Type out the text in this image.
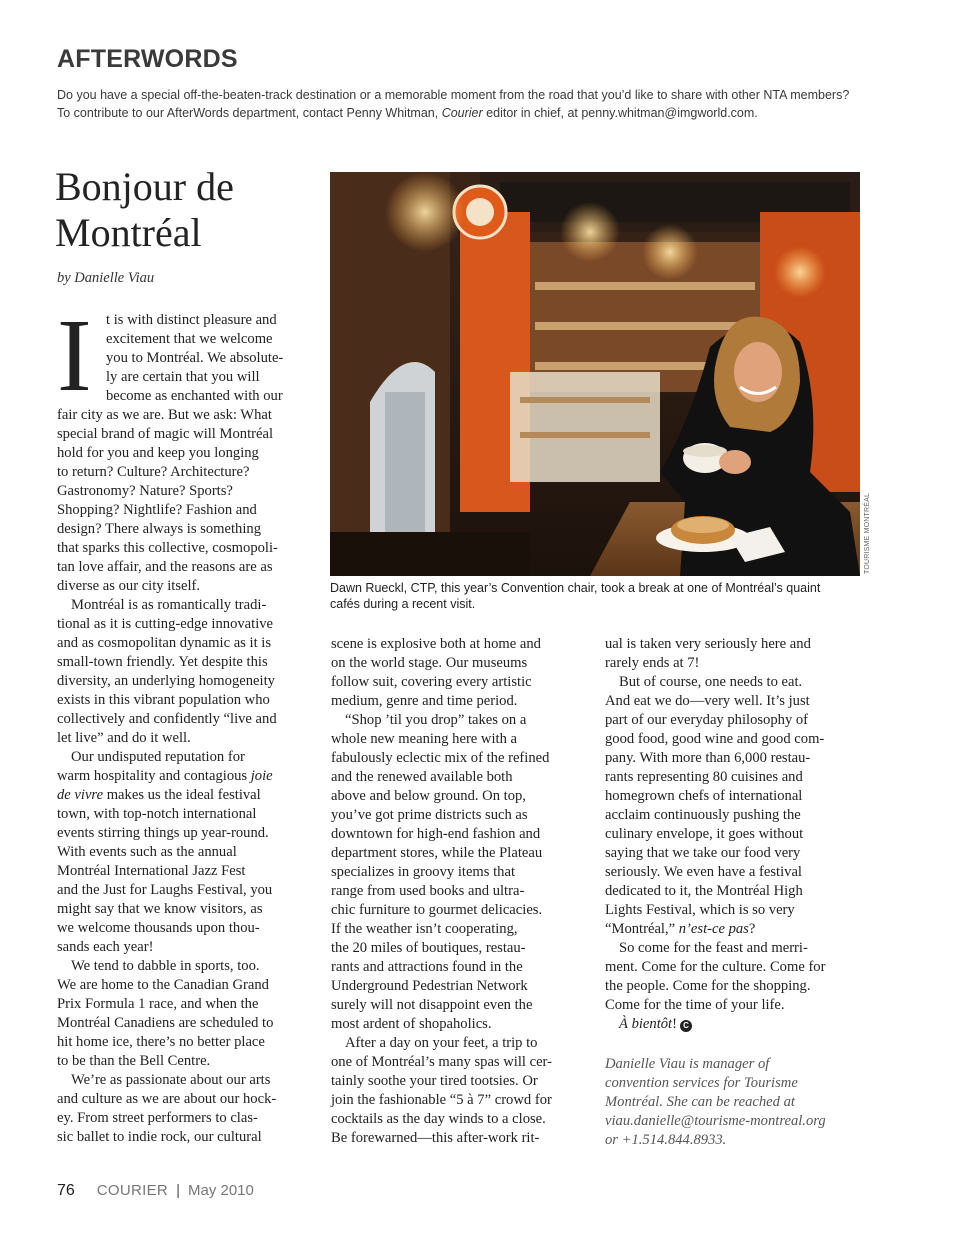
AFTERWORDS
Do you have a special off-the-beaten-track destination or a memorable moment from the road that you’d like to share with other NTA members?
To contribute to our AfterWords department, contact Penny Whitman, Courier editor in chief, at penny.whitman@imgworld.com.
Bonjour de
Montréal
by Danielle Viau
I t is with distinct pleasure and
excitement that we welcome
you to Montréal. We absolute-
ly are certain that you will
become as enchanted with our
fair city as we are. But we ask: What
special brand of magic will Montréal
hold for you and keep you longing
to return? Culture? Architecture?
Gastronomy? Nature? Sports?
Shopping? Nightlife? Fashion and
design? There always is something
that sparks this collective, cosmopoli-
tan love affair, and the reasons are as
diverse as our city itself.
Montréal is as romantically tradi-
tional as it is cutting-edge innovative
and as cosmopolitan dynamic as it is
small-town friendly. Yet despite this
diversity, an underlying homogeneity
exists in this vibrant population who
collectively and confidently “live and
let live” and do it well.
Our undisputed reputation for
warm hospitality and contagious joie
de vivre makes us the ideal festival
town, with top-notch international
events stirring things up year-round.
With events such as the annual
Montréal International Jazz Fest
and the Just for Laughs Festival, you
might say that we know visitors, as
we welcome thousands upon thou-
sands each year!
We tend to dabble in sports, too.
We are home to the Canadian Grand
Prix Formula 1 race, and when the
Montréal Canadiens are scheduled to
hit home ice, there’s no better place
to be than the Bell Centre.
We’re as passionate about our arts
and culture as we are about our hock-
ey. From street performers to clas-
sic ballet to indie rock, our cultural
TOURISME MONTRÉAL
Dawn Rueckl, CTP, this year’s Convention chair, took a break at one of Montréal’s quaint
cafés during a recent visit.
scene is explosive both at home and
on the world stage. Our museums
follow suit, covering every artistic
medium, genre and time period.
“Shop ’til you drop” takes on a
whole new meaning here with a
fabulously eclectic mix of the refined
and the renewed available both
above and below ground. On top,
you’ve got prime districts such as
downtown for high-end fashion and
department stores, while the Plateau
specializes in groovy items that
range from used books and ultra-
chic furniture to gourmet delicacies.
If the weather isn’t cooperating,
the 20 miles of boutiques, restau-
rants and attractions found in the
Underground Pedestrian Network
surely will not disappoint even the
most ardent of shopaholics.
After a day on your feet, a trip to
one of Montréal’s many spas will cer-
tainly soothe your tired tootsies. Or
join the fashionable “5 à 7” crowd for
cocktails as the day winds to a close.
Be forewarned—this after-work rit-
ual is taken very seriously here and
rarely ends at 7!
But of course, one needs to eat.
And eat we do—very well. It’s just
part of our everyday philosophy of
good food, good wine and good com-
pany. With more than 6,000 restau-
rants representing 80 cuisines and
homegrown chefs of international
acclaim continuously pushing the
culinary envelope, it goes without
saying that we take our food very
seriously. We even have a festival
dedicated to it, the Montréal High
Lights Festival, which is so very
“Montréal,” n’est-ce pas?
So come for the feast and merri-
ment. Come for the culture. Come for
the people. Come for the shopping.
Come for the time of your life.
À bientôt! C
Danielle Viau is manager of
convention services for Tourisme
Montréal. She can be reached at
viau.danielle@tourisme-montreal.org
or +1.514.844.8933.
76 COURIER | May 2010
